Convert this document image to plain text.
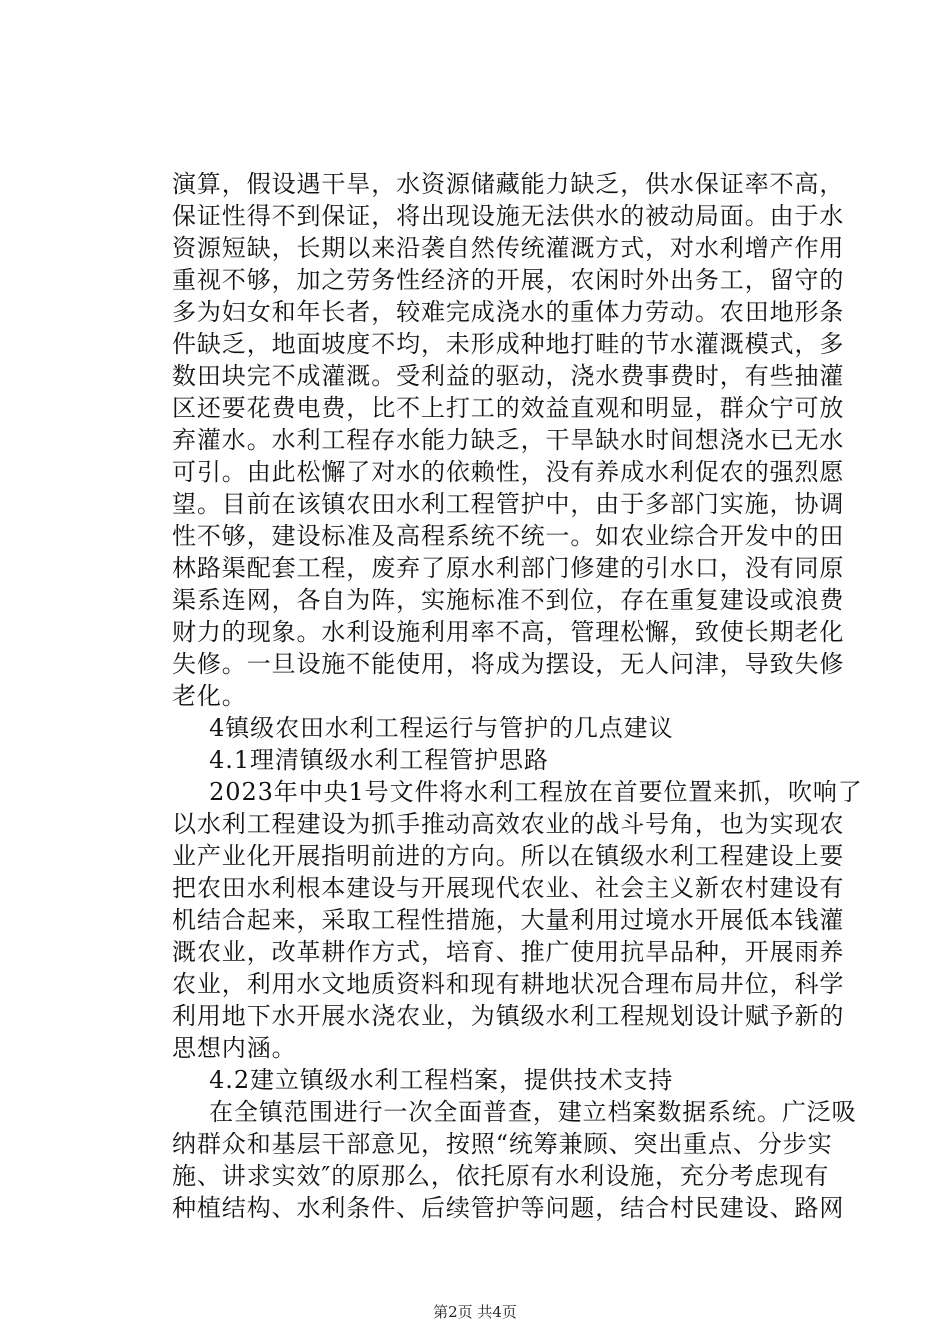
演算，假设遇干旱，水资源储藏能力缺乏，供水保证率不高，
保证性得不到保证，将出现设施无法供水的被动局面。由于水
资源短缺，长期以来沿袭自然传统灌溉方式，对水利增产作用
重视不够，加之劳务性经济的开展，农闲时外出务工，留守的
多为妇女和年长者，较难完成浇水的重体力劳动。农田地形条
件缺乏，地面坡度不均，未形成种地打畦的节水灌溉模式，多
数田块完不成灌溉。受利益的驱动，浇水费事费时，有些抽灌
区还要花费电费，比不上打工的效益直观和明显，群众宁可放
弃灌水。水利工程存水能力缺乏，干旱缺水时间想浇水已无水
可引。由此松懈了对水的依赖性，没有养成水利促农的强烈愿
望。目前在该镇农田水利工程管护中，由于多部门实施，协调
性不够，建设标准及高程系统不统一。如农业综合开发中的田
林路渠配套工程，废弃了原水利部门修建的引水口，没有同原
渠系连网，各自为阵，实施标准不到位，存在重复建设或浪费
财力的现象。水利设施利用率不高，管理松懈，致使长期老化
失修。一旦设施不能使用，将成为摆设，无人问津，导致失修
老化。
4镇级农田水利工程运行与管护的几点建议
4.1理清镇级水利工程管护思路
2023年中央1号文件将水利工程放在首要位置来抓，吹响了
以水利工程建设为抓手推动高效农业的战斗号角，也为实现农
业产业化开展指明前进的方向。所以在镇级水利工程建设上要
把农田水利根本建设与开展现代农业、社会主义新农村建设有
机结合起来，采取工程性措施，大量利用过境水开展低本钱灌
溉农业，改革耕作方式，培育、推广使用抗旱品种，开展雨养
农业，利用水文地质资料和现有耕地状况合理布局井位，科学
利用地下水开展水浇农业，为镇级水利工程规划设计赋予新的
思想内涵。
4.2建立镇级水利工程档案，提供技术支持
在全镇范围进行一次全面普查，建立档案数据系统。广泛吸
纳群众和基层干部意见，按照“统筹兼顾、突出重点、分步实
施、讲求实效″的原那么，依托原有水利设施，充分考虑现有
种植结构、水利条件、后续管护等问题，结合村民建设、路网
第2页 共4页
